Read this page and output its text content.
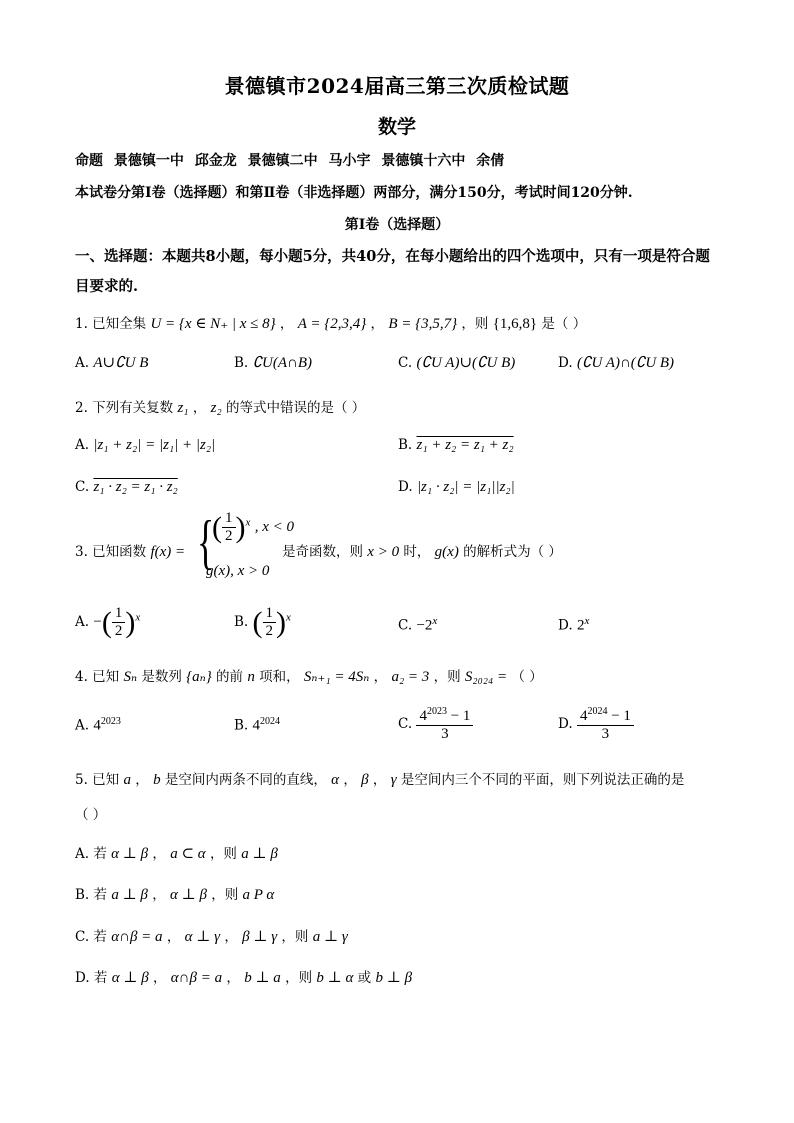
景德镇市2024届高三第三次质检试题
数学
命题 景德镇一中 邱金龙 景德镇二中 马小宇 景德镇十六中 余倩
本试卷分第Ⅰ卷（选择题）和第Ⅱ卷（非选择题）两部分，满分150分，考试时间120分钟.
第Ⅰ卷（选择题）
一、选择题：本题共8小题，每小题5分，共40分，在每小题给出的四个选项中，只有一项是符合题目要求的.
1. 已知全集 U = {x ∈ N₊ | x ≤ 8} ， A = {2,3,4} ， B = {3,5,7} ，则 {1,6,8} 是（ ）
A. A∪∁U B	B. ∁U(A∩B)	C. (∁U A)∪(∁U B)	D. (∁U A)∩(∁U B)
2. 下列有关复数 z₁ ， z₂ 的等式中错误的是（ ）
A. |z₁ + z₂| = |z₁| + |z₂|	B. z₁ + z₂ = z₁ + z₂
C. z₁ · z₂ = z₁ · z₂	D. |z₁ · z₂| = |z₁||z₂|
3. 已知函数 f(x) = {
( $\frac{1}{2} )^x$ , x < 0
g(x), x > 0
是奇函数，则 x > 0 时， g(x) 的解析式为（ ）
A. −( $\frac{1}{2} )^x$	B. ( $\frac{1}{2} )^x$	C. $-2^x$	D. 2$^x$
4. 已知 Sₙ 是数列 {aₙ} 的前 n 项和， Sₙ₊₁ = 4Sₙ ， a₂ = 3 ，则 S₂₀₂₄ = （ ）
A. $4^{2023}$	B. $4^{2024}$	C. $\frac{4^{2023} - 1}{3}$	D. $\frac{4^{2024} - 1}{3}$
5. 已知 a ， b 是空间内两条不同的直线， α ， β ， γ 是空间内三个不同的平面，则下列说法正确的是
（ ）
A. 若 α ⊥ β ， a ⊂ α ，则 a ⊥ β
B. 若 a ⊥ β ， α ⊥ β ，则 a P α
C. 若 α∩β = a ， α ⊥ γ ， β ⊥ γ ，则 a ⊥ γ
D. 若 α ⊥ β ， α∩β = a ， b ⊥ a ，则 b ⊥ α 或 b ⊥ β
